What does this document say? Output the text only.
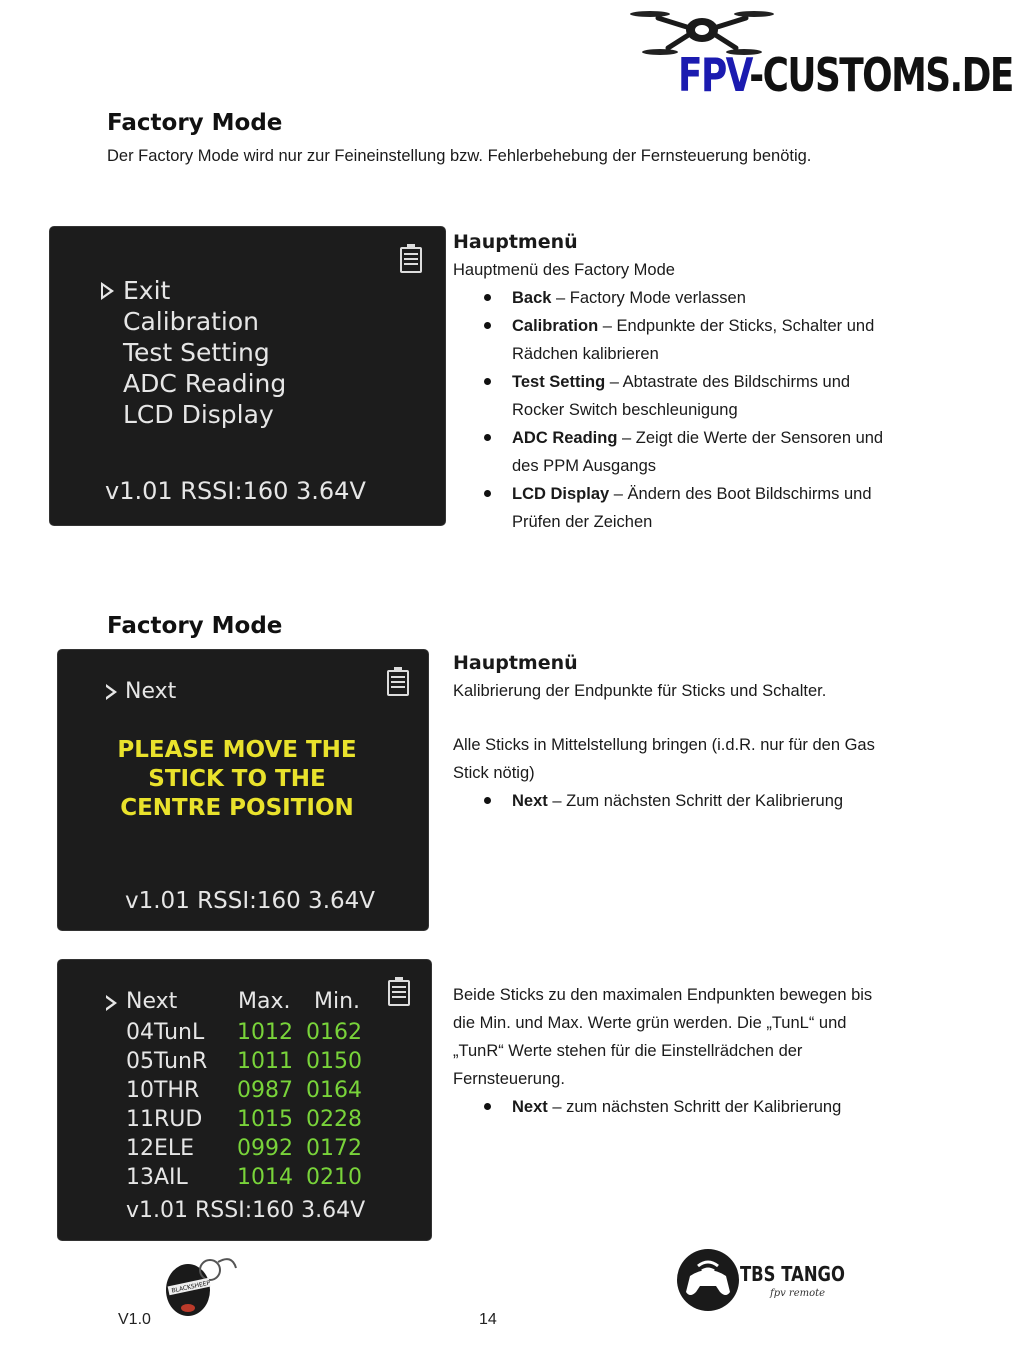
FPV-CUSTOMS.DE
Factory Mode
Der Factory Mode wird nur zur Feineinstellung bzw. Fehlerbehebung der Fernsteuerung benötig.
Exit
Calibration
Test Setting
ADC Reading
LCD Display
v1.01 RSSI:160 3.64V
Hauptmenü
Hauptmenü des Factory Mode
Back – Factory Mode verlassen
Calibration – Endpunkte der Sticks, Schalter und Rädchen kalibrieren
Test Setting – Abtastrate des Bildschirms und Rocker Switch beschleunigung
ADC Reading – Zeigt die Werte der Sensoren und des PPM Ausgangs
LCD Display – Ändern des Boot Bildschirms und Prüfen der Zeichen
Factory Mode
Next
PLEASE MOVE THE
STICK TO THE
CENTRE POSITION
v1.01 RSSI:160 3.64V
Hauptmenü
Kalibrierung der Endpunkte für Sticks und Schalter.
Alle Sticks in Mittelstellung bringen (i.d.R. nur für den Gas Stick nötig)
Next – Zum nächsten Schritt der Kalibrierung
Next	Max. Min.
04TunL
05TunR
10THR
11RUD
12ELE
13AIL
1012
1011
0987
1015
0992
1014
0162
0150
0164
0228
0172
0210
v1.01 RSSI:160 3.64V
Beide Sticks zu den maximalen Endpunkten bewegen bis die Min. und Max. Werte grün werden. Die „TunL“ und „TunR“ Werte stehen für die Einstellrädchen der Fernsteuerung.
Next – zum nächsten Schritt der Kalibrierung
V1.0	14
BLACKSHEEP
TBS TANGO
fpv remote
